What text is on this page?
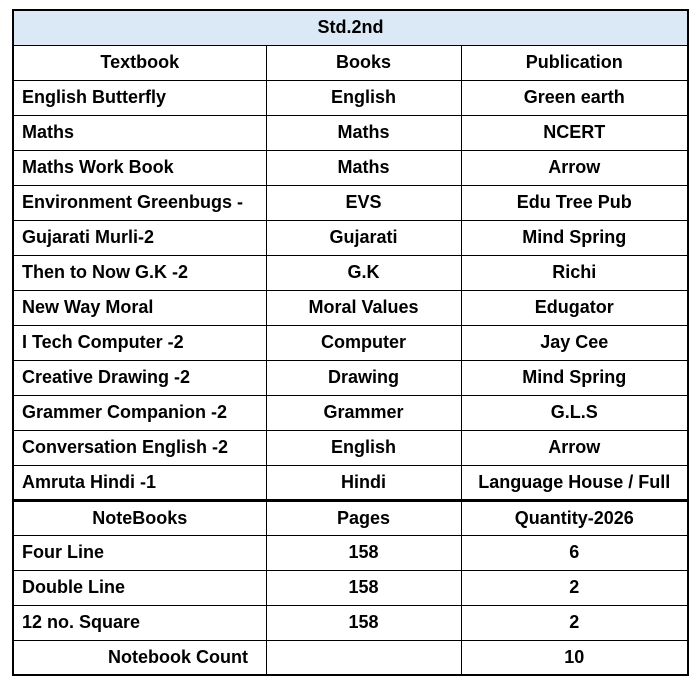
Std.2nd		
Textbook	Books	Publication
English Butterfly	English	Green earth
Maths	Maths	NCERT
Maths Work Book	Maths	Arrow
Environment Greenbugs -	EVS	Edu Tree Pub
Gujarati Murli-2	Gujarati	Mind Spring
Then to Now G.K -2	G.K	Richi
New Way Moral	Moral Values	Edugator
I Tech Computer -2	Computer	Jay Cee
Creative Drawing -2	Drawing	Mind Spring
Grammer Companion -2	Grammer	G.L.S
Conversation English -2	English	Arrow
Amruta Hindi -1	Hindi	Language House / Full
NoteBooks	Pages	Quantity-2026
Four Line	158	6
Double Line	158	2
12 no. Square	158	2
Notebook Count		10
